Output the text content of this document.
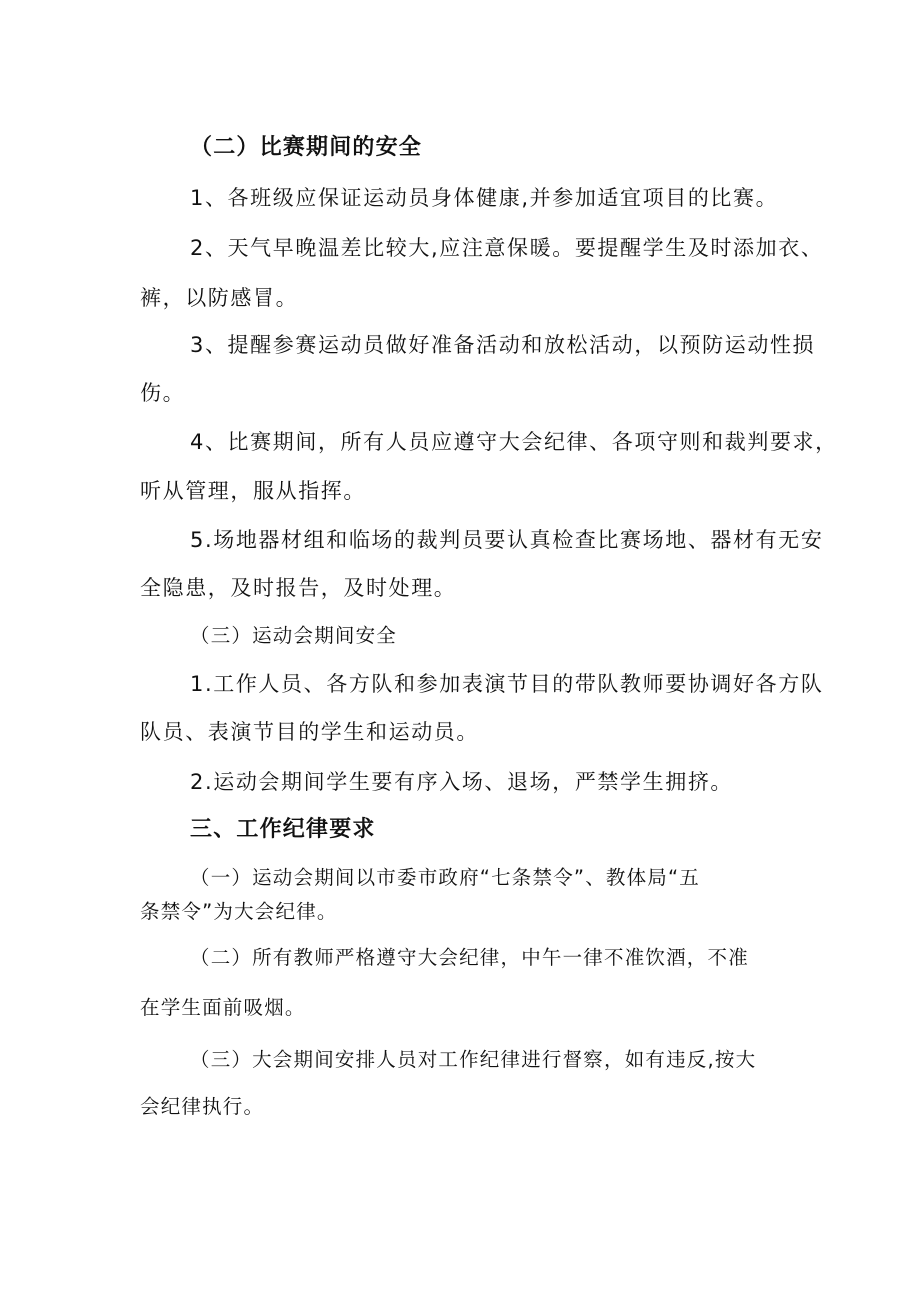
（二）比赛期间的安全
1、各班级应保证运动员身体健康,并参加适宜项目的比赛。
2、天气早晚温差比较大,应注意保暖。要提醒学生及时添加衣、
裤，以防感冒。
3、提醒参赛运动员做好准备活动和放松活动，以预防运动性损
伤。
4、比赛期间，所有人员应遵守大会纪律、各项守则和裁判要求，
听从管理，服从指挥。
5.场地器材组和临场的裁判员要认真检查比赛场地、器材有无安
全隐患，及时报告，及时处理。
（三）运动会期间安全
1.工作人员、各方队和参加表演节目的带队教师要协调好各方队
队员、表演节目的学生和运动员。
2.运动会期间学生要有序入场、退场，严禁学生拥挤。
三、工作纪律要求
（一）运动会期间以市委市政府“七条禁令”、教体局“五
条禁令”为大会纪律。
（二）所有教师严格遵守大会纪律，中午一律不准饮酒，不准
在学生面前吸烟。
（三）大会期间安排人员对工作纪律进行督察，如有违反,按大
会纪律执行。
